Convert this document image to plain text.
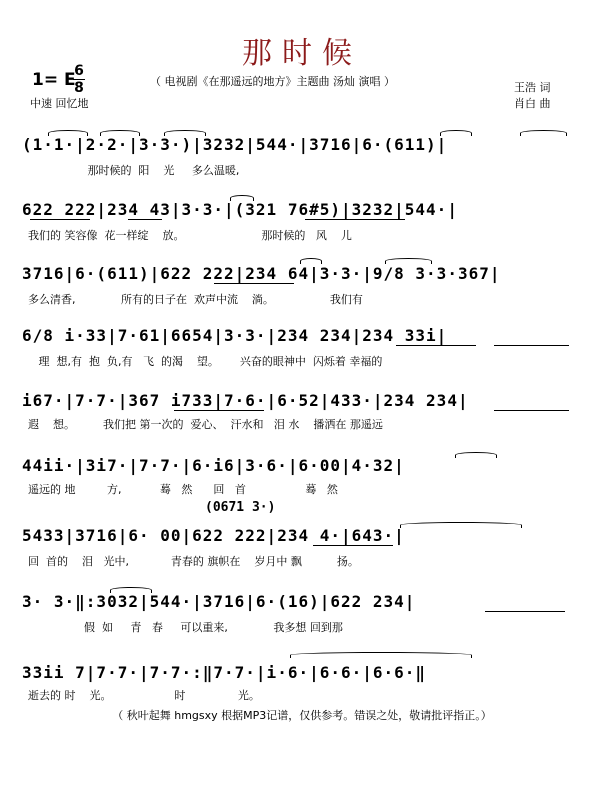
那时候
1= E
6
8
中速 回忆地
（ 电视剧《在那遥远的地方》主题曲 汤灿 演唱 ）	王浩 词
肖白 曲
(1·1·|2·2·|3·3·)|3232|544·|3716|6·(611)|
那时候的  阳    光     多么温暖,
622 222|234 43|3·3·|(321 76#5)|3232|544·|
我们的 笑容像  花一样绽    放。                      那时候的   风    儿
3716|6·(611)|622 222|234 64|3·3·|9/8 3·3·367|
多么清香,             所有的日子在  欢声中流    淌。                我们有
6/8 i·33|7·61|6654|3·3·|234 234|234 33i|
理  想,有  抱  负,有   飞  的渴    望。      兴奋的眼神中  闪烁着 幸福的
i67·|7·7·|367 i733|7·6·|6·52|433·|234 234|
遐    想。        我们把 第一次的  爱心、  汗水和   泪 水    播洒在 那遥远
44ii·|3i7·|7·7·|6·i6|3·6·|6·00|4·32|
遥远的 地         方,           蓦   然      回   首                 蓦   然
(0671 3·)
5433|3716|6· 00|622 222|234 4·|643·|
回  首的    泪   光中,            青春的 旗帜在    岁月中 飘          扬。
3· 3·‖:3032|544·|3716|6·(16)|622 234|
假  如     青   春     可以重来,             我多想 回到那
33ii 7|7·7·|7·7·:‖7·7·|i·6·|6·6·|6·6·‖
逝去的 时    光。                  时               光。
（ 秋叶起舞 hmgsxy 根据MP3记谱，仅供参考。错误之处，敬请批评指正。）
